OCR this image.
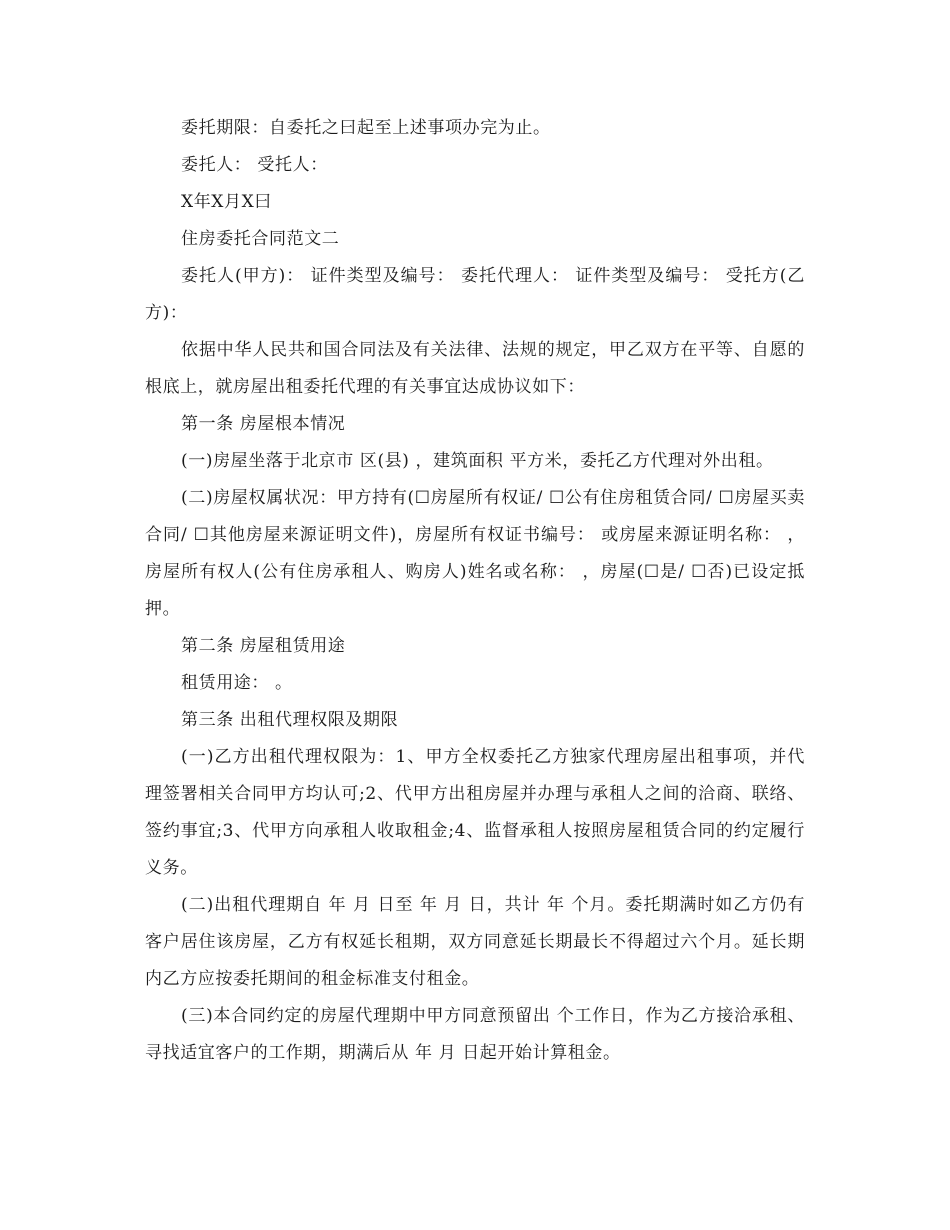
委托期限：自委托之曰起至上述事项办完为止。

委托人： 受托人：

X年X月X曰

住房委托合同范文二

委托人(甲方)： 证件类型及编号： 委托代理人： 证件类型及编号： 受托方(乙方)：

依据中华人民共和国合同法及有关法律、法规的规定，甲乙双方在平等、自愿的根底上，就房屋出租委托代理的有关事宜达成协议如下：

第一条 房屋根本情况

(一)房屋坐落于北京市 区(县) ，建筑面积 平方米，委托乙方代理对外出租。

(二)房屋权属状况：甲方持有(☐房屋所有权证/ ☐公有住房租赁合同/ ☐房屋买卖合同/ ☐其他房屋来源证明文件)，房屋所有权证书编号： 或房屋来源证明名称： ，房屋所有权人(公有住房承租人、购房人)姓名或名称： ，房屋(☐是/ ☐否)已设定抵押。

第二条 房屋租赁用途

租赁用途： 。

第三条 出租代理权限及期限

(一)乙方出租代理权限为：1、甲方全权委托乙方独家代理房屋出租事项，并代理签署相关合同甲方均认可;2、代甲方出租房屋并办理与承租人之间的洽商、联络、签约事宜;3、代甲方向承租人收取租金;4、监督承租人按照房屋租赁合同的约定履行义务。

(二)出租代理期自 年 月 日至 年 月 日，共计 年 个月。委托期满时如乙方仍有客户居住该房屋，乙方有权延长租期，双方同意延长期最长不得超过六个月。延长期内乙方应按委托期间的租金标准支付租金。

(三)本合同约定的房屋代理期中甲方同意预留出 个工作日，作为乙方接洽承租、寻找适宜客户的工作期，期满后从 年 月 日起开始计算租金。
